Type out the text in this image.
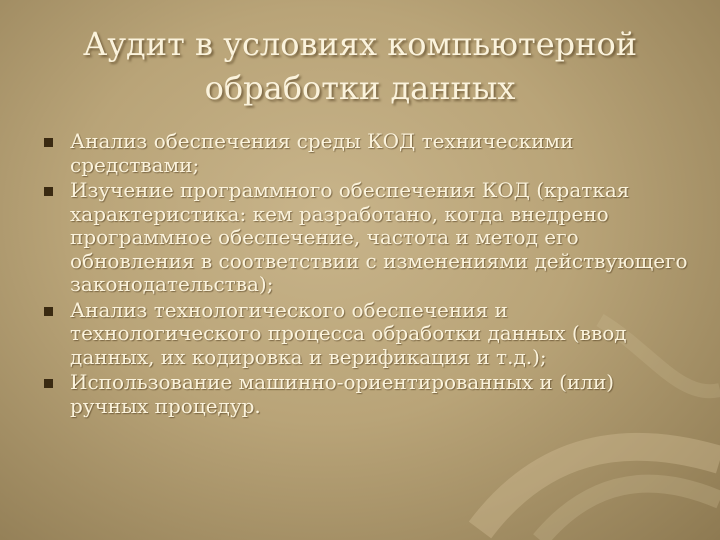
Аудит в условиях компьютерной
обработки данных
Анализ обеспечения среды КОД техническими средствами;
Изучение программного обеспечения КОД (краткая характеристика: кем разработано, когда внедрено программное обеспечение, частота и метод его обновления в соответствии с изменениями действующего законодательства);
Анализ технологического обеспечения и технологического процесса обработки данных (ввод данных, их кодировка и верификация и т.д.);
Использование машинно-ориентированных и (или) ручных процедур.
